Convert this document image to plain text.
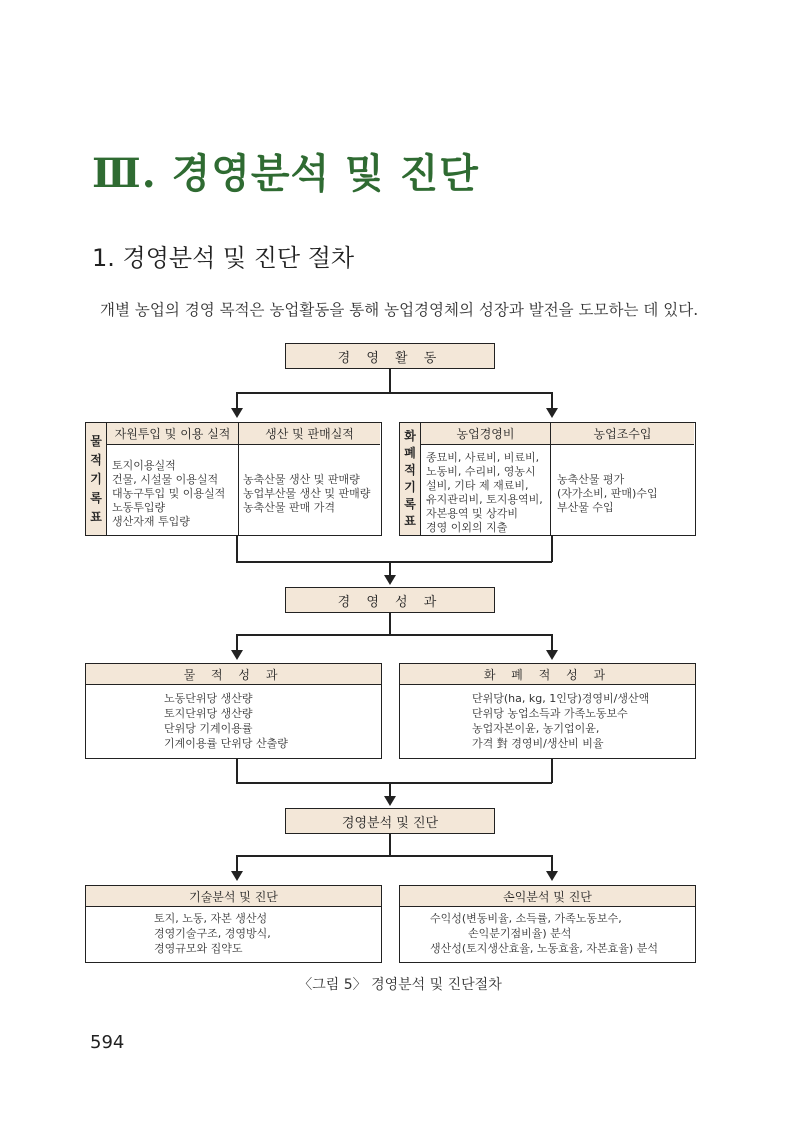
Ⅲ. 경영분석 및 진단
1. 경영분석 및 진단 절차
개별 농업의 경영 목적은 농업활동을 통해 농업경영체의 성장과 발전을 도모하는 데 있다.
경 영 활 동
물
적
기
록
표
자원투입 및 이용 실적	생산 및 판매실적
토지이용실적
건물, 시설물 이용실적
대농구투입 및 이용실적
노동투입량
생산자재 투입량
농축산물 생산 및 판매량
농업부산물 생산 및 판매량
농축산물 판매 가격
화
폐
적
기
록
표
농업경영비	농업조수입
종묘비, 사료비, 비료비,
노동비, 수리비, 영농시
설비, 기타 제 재료비,
유지관리비, 토지용역비,
자본용역 및 상각비
경영 이외의 지출
농축산물 평가
(자가소비, 판매)수입
부산물 수입
경 영 성 과
물 적 성 과
노동단위당 생산량
토지단위당 생산량
단위당 기계이용률
기계이용률 단위당 산출량
화 폐 적 성 과
단위당(ha, kg, 1인당)경영비/생산액
단위당 농업소득과 가족노동보수
농업자본이윤, 농기업이윤,
가격 對 경영비/생산비 비율
경영분석 및 진단
기술분석 및 진단
토지, 노동, 자본 생산성
경영기술구조, 경영방식,
경영규모와 집약도
손익분석 및 진단
수익성(변동비율, 소득률, 가족노동보수,
손익분기점비율) 분석
생산성(토지생산효율, 노동효율, 자본효율) 분석
〈그림 5〉 경영분석 및 진단절차
594
